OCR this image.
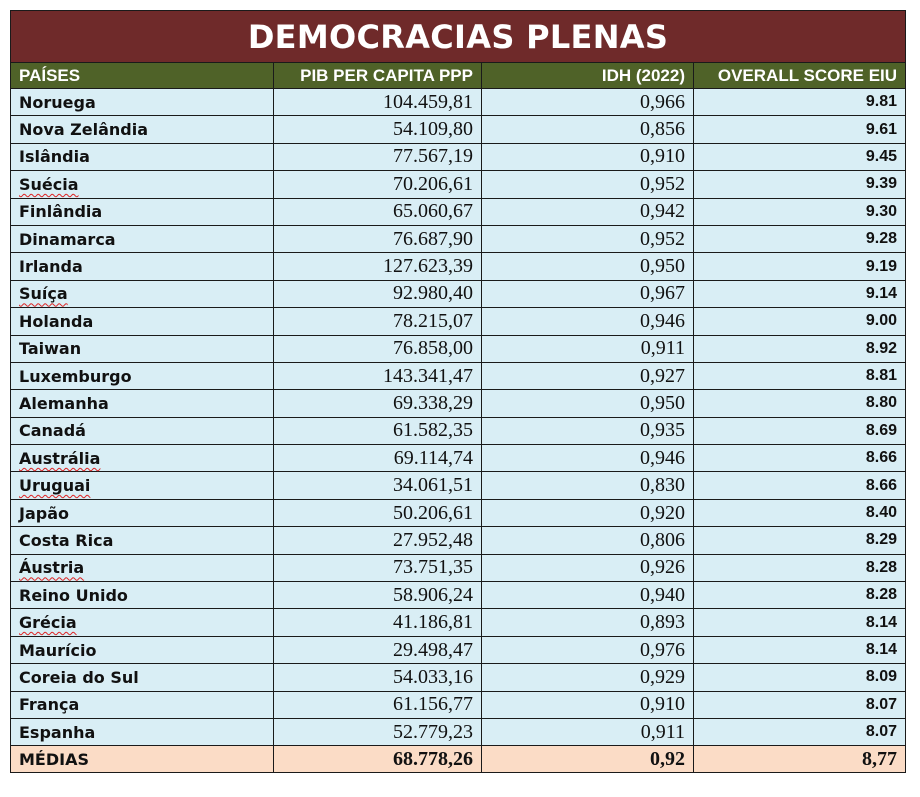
DEMOCRACIAS PLENAS			
PAÍSES	PIB PER CAPITA PPP	IDH (2022)	OVERALL SCORE EIU
Noruega	104.459,81	0,966	9.81
Nova Zelândia	54.109,80	0,856	9.61
Islândia	77.567,19	0,910	9.45
Suécia	70.206,61	0,952	9.39
Finlândia	65.060,67	0,942	9.30
Dinamarca	76.687,90	0,952	9.28
Irlanda	127.623,39	0,950	9.19
Suíça	92.980,40	0,967	9.14
Holanda	78.215,07	0,946	9.00
Taiwan	76.858,00	0,911	8.92
Luxemburgo	143.341,47	0,927	8.81
Alemanha	69.338,29	0,950	8.80
Canadá	61.582,35	0,935	8.69
Austrália	69.114,74	0,946	8.66
Uruguai	34.061,51	0,830	8.66
Japão	50.206,61	0,920	8.40
Costa Rica	27.952,48	0,806	8.29
Áustria	73.751,35	0,926	8.28
Reino Unido	58.906,24	0,940	8.28
Grécia	41.186,81	0,893	8.14
Maurício	29.498,47	0,976	8.14
Coreia do Sul	54.033,16	0,929	8.09
França	61.156,77	0,910	8.07
Espanha	52.779,23	0,911	8.07
MÉDIAS	68.778,26	0,92	8,77
